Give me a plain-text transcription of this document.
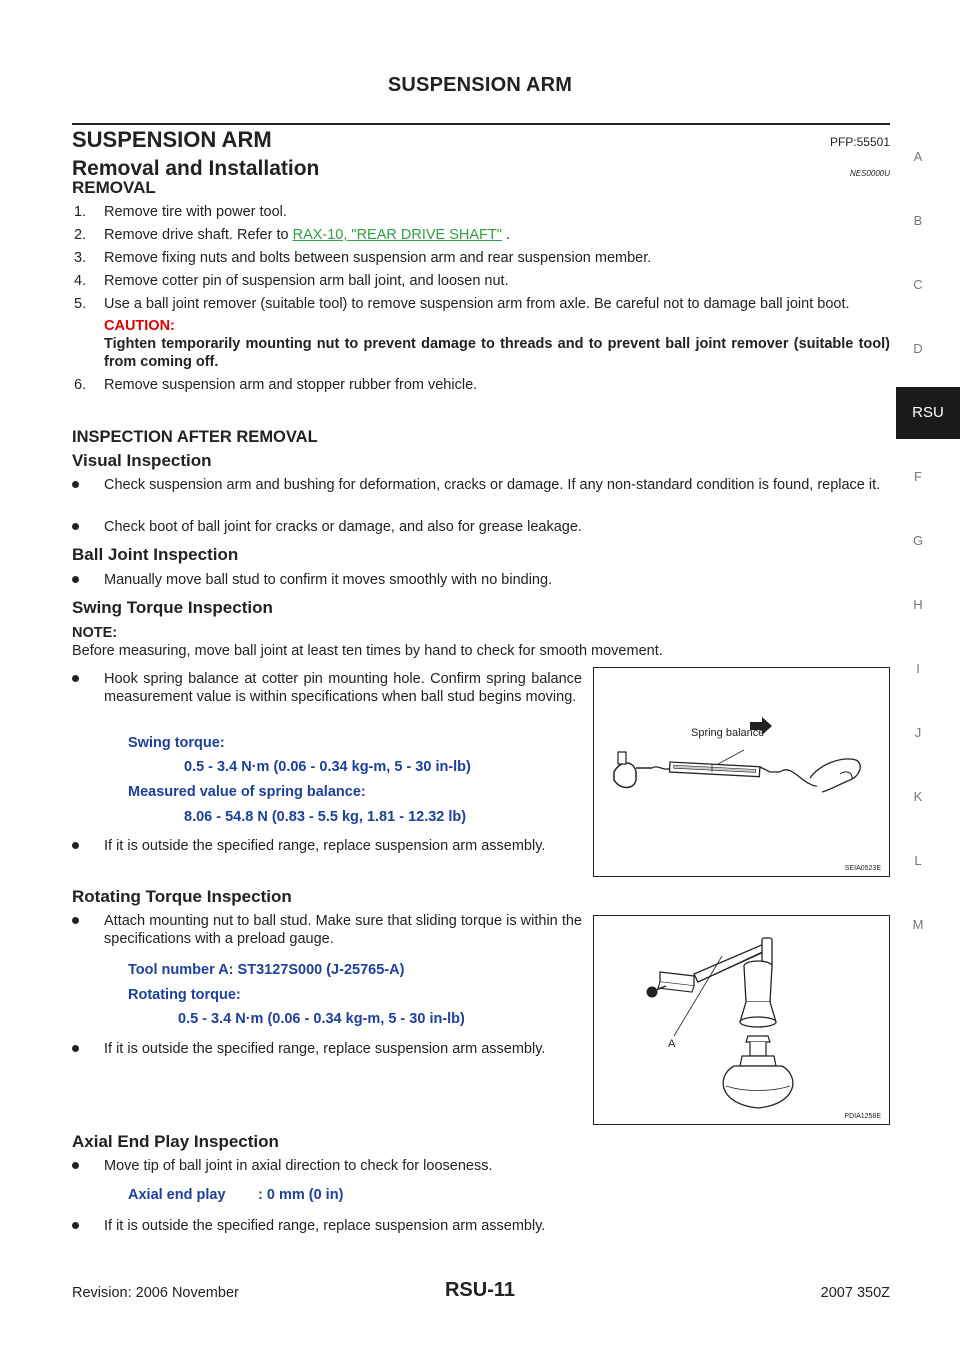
SUSPENSION ARM
SUSPENSION ARM	PFP:55501
Removal and Installation	NES0000U
REMOVAL
1. Remove tire with power tool.
2. Remove drive shaft. Refer to RAX-10, "REAR DRIVE SHAFT" .
3. Remove fixing nuts and bolts between suspension arm and rear suspension member.
4. Remove cotter pin of suspension arm ball joint, and loosen nut.
5. Use a ball joint remover (suitable tool) to remove suspension arm from axle. Be careful not to damage ball joint boot.
CAUTION:
Tighten temporarily mounting nut to prevent damage to threads and to prevent ball joint remover (suitable tool) from coming off.
6. Remove suspension arm and stopper rubber from vehicle.
INSPECTION AFTER REMOVAL
Visual Inspection
Check suspension arm and bushing for deformation, cracks or damage. If any non-standard condition is found, replace it.
Check boot of ball joint for cracks or damage, and also for grease leakage.
Ball Joint Inspection
Manually move ball stud to confirm it moves smoothly with no binding.
Swing Torque Inspection
NOTE:
Before measuring, move ball joint at least ten times by hand to check for smooth movement.
Hook spring balance at cotter pin mounting hole. Confirm spring balance measurement value is within specifications when ball stud begins moving.
Swing torque:
0.5 - 3.4 N·m (0.06 - 0.34 kg-m, 5 - 30 in-lb)
Measured value of spring balance:
8.06 - 54.8 N (0.83 - 5.5 kg, 1.81 - 12.32 lb)
If it is outside the specified range, replace suspension arm assembly.
Spring balance
SEIA0523E
Rotating Torque Inspection
Attach mounting nut to ball stud. Make sure that sliding torque is within the specifications with a preload gauge.
Tool number A: ST3127S000 (J-25765-A)
Rotating torque:
0.5 - 3.4 N·m (0.06 - 0.34 kg-m, 5 - 30 in-lb)
If it is outside the specified range, replace suspension arm assembly.	A
PDIA1258E
Axial End Play Inspection
Move tip of ball joint in axial direction to check for looseness.
Axial end play : 0 mm (0 in)
If it is outside the specified range, replace suspension arm assembly.
A
B
C
D
F
G
H
I
J
K
L
M
RSU
Revision: 2006 November	RSU-11	2007 350Z
